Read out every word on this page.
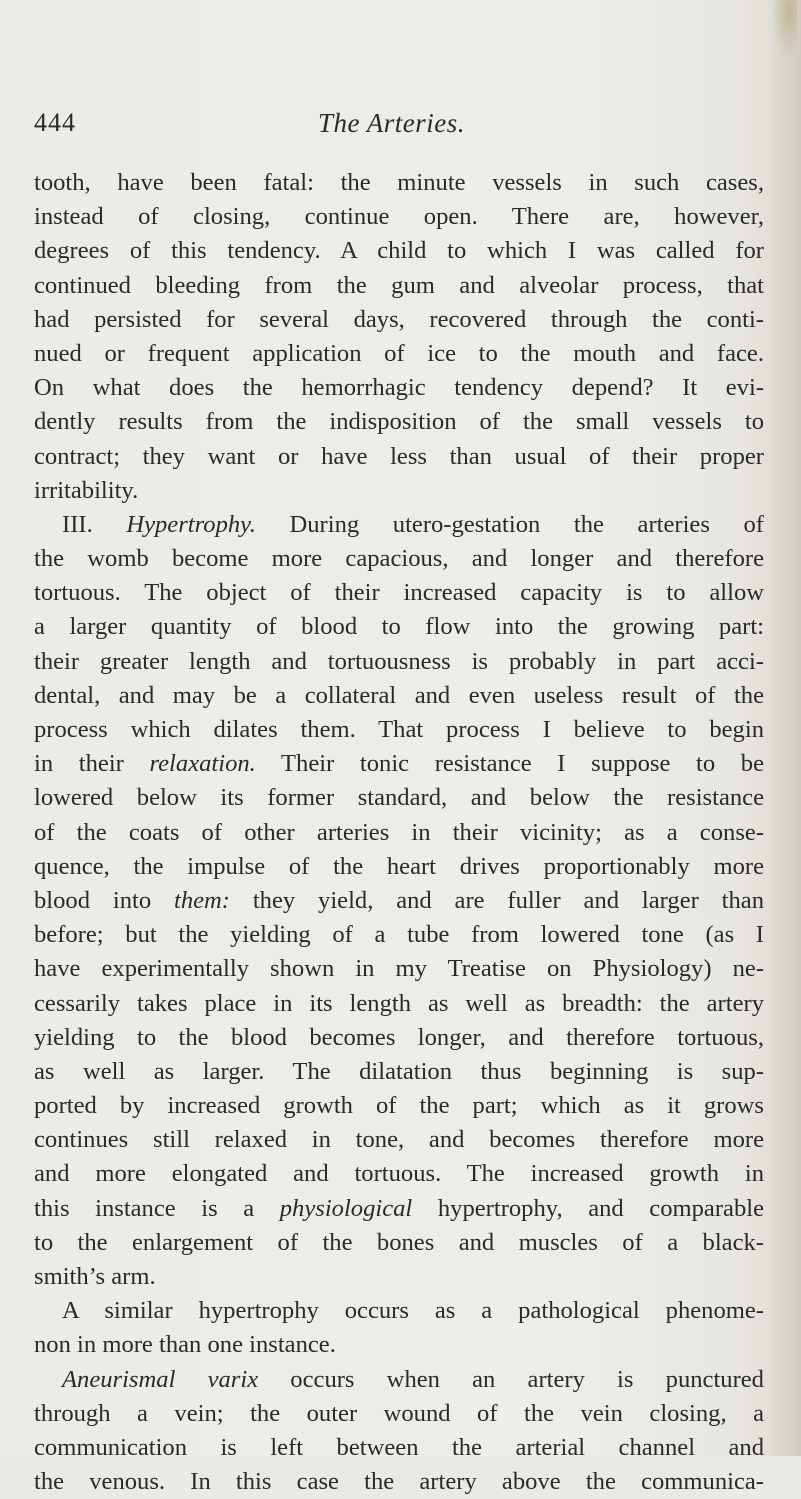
444	The Arteries.
tooth, have been fatal: the minute vessels in such cases,
instead of closing, continue open. There are, however,
degrees of this tendency. A child to which I was called for
continued bleeding from the gum and alveolar process, that
had persisted for several days, recovered through the conti-
nued or frequent application of ice to the mouth and face.
On what does the hemorrhagic tendency depend? It evi-
dently results from the indisposition of the small vessels to
contract; they want or have less than usual of their proper
irritability.
III. Hypertrophy. During utero-gestation the arteries of
the womb become more capacious, and longer and therefore
tortuous. The object of their increased capacity is to allow
a larger quantity of blood to flow into the growing part:
their greater length and tortuousness is probably in part acci-
dental, and may be a collateral and even useless result of the
process which dilates them. That process I believe to begin
in their relaxation. Their tonic resistance I suppose to be
lowered below its former standard, and below the resistance
of the coats of other arteries in their vicinity; as a conse-
quence, the impulse of the heart drives proportionably more
blood into them: they yield, and are fuller and larger than
before; but the yielding of a tube from lowered tone (as I
have experimentally shown in my Treatise on Physiology) ne-
cessarily takes place in its length as well as breadth: the artery
yielding to the blood becomes longer, and therefore tortuous,
as well as larger. The dilatation thus beginning is sup-
ported by increased growth of the part; which as it grows
continues still relaxed in tone, and becomes therefore more
and more elongated and tortuous. The increased growth in
this instance is a physiological hypertrophy, and comparable
to the enlargement of the bones and muscles of a black-
smith’s arm.
A similar hypertrophy occurs as a pathological phenome-
non in more than one instance.
Aneurismal varix occurs when an artery is punctured
through a vein; the outer wound of the vein closing, a
communication is left between the arterial channel and
the venous. In this case the artery above the communica-
